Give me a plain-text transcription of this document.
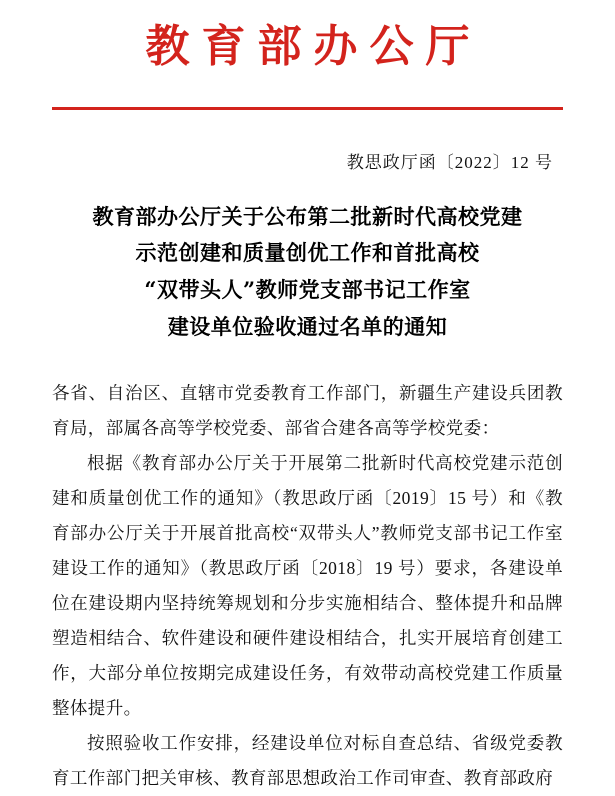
教育部办公厅
教思政厅函〔2022〕12 号
教育部办公厅关于公布第二批新时代高校党建
示范创建和质量创优工作和首批高校
“双带头人”教师党支部书记工作室
建设单位验收通过名单的通知

各省、自治区、直辖市党委教育工作部门，新疆生产建设兵团教育局，部属各高等学校党委、部省合建各高等学校党委：

根据《教育部办公厅关于开展第二批新时代高校党建示范创建和质量创优工作的通知》（教思政厅函〔2019〕15 号）和《教育部办公厅关于开展首批高校“双带头人”教师党支部书记工作室建设工作的通知》（教思政厅函〔2018〕19 号）要求，各建设单位在建设期内坚持统筹规划和分步实施相结合、整体提升和品牌塑造相结合、软件建设和硬件建设相结合，扎实开展培育创建工作，大部分单位按期完成建设任务，有效带动高校党建工作质量整体提升。

按照验收工作安排，经建设单位对标自查总结、省级党委教育工作部门把关审核、教育部思想政治工作司审查、教育部政府
